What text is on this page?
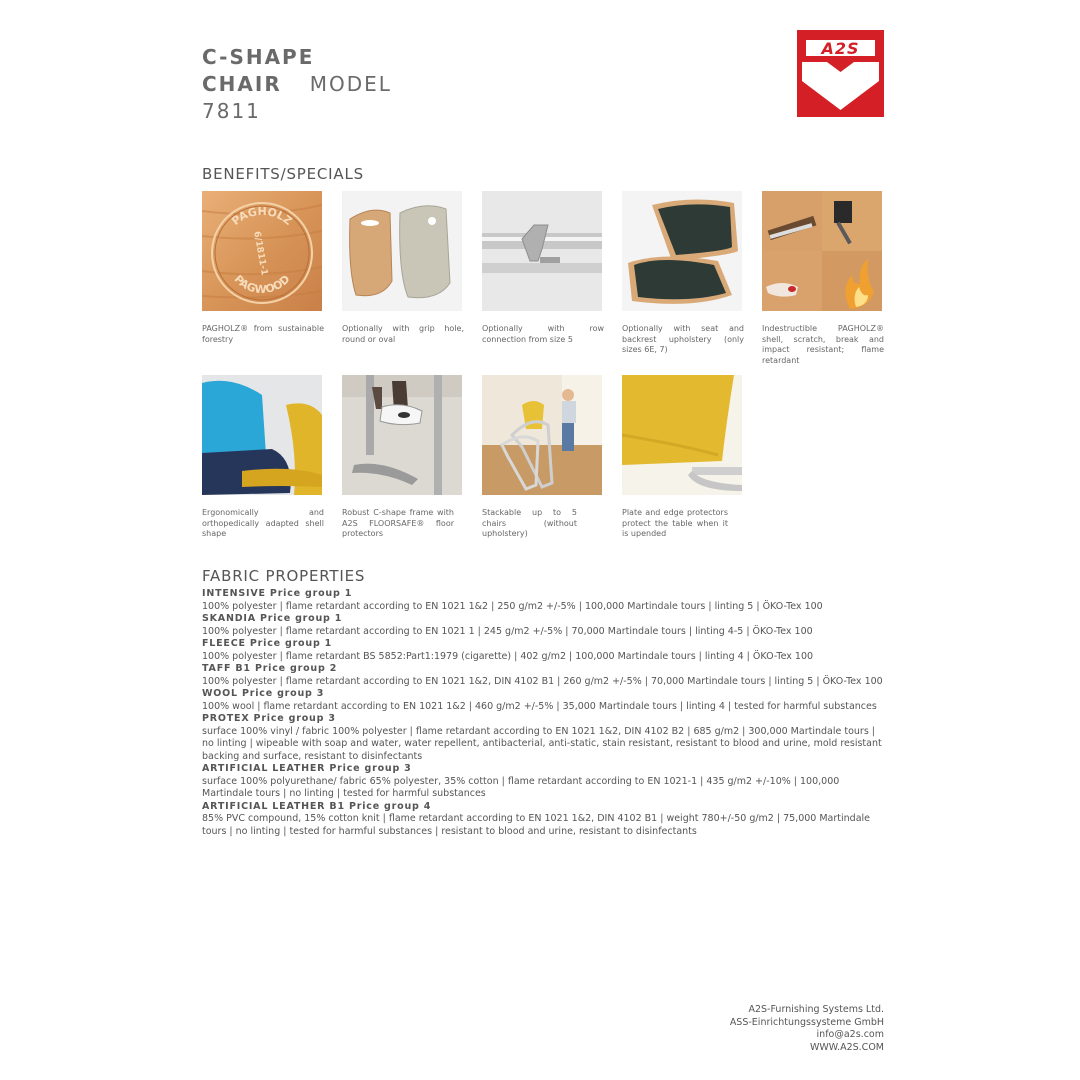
C-SHAPE
CHAIR MODEL
7811
A2S
BENEFITS/SPECIALS
PAGHOLZ
PAGWOOD
6/1811-1
PAGHOLZ® from sustainable forestry
Optionally with grip hole, round or oval
Optionally with row connection from size 5
Optionally with seat and backrest upholstery (only sizes 6E, 7)
Indestructible PAGHOLZ® shell, scratch, break and impact resistant; flame retardant
Ergonomically and orthopedically adapted shell shape
Robust C-shape frame with A2S FLOORSAFE® floor protectors
Stackable up to 5 chairs (without upholstery)
Plate and edge protectors protect the table when it is upended
FABRIC PROPERTIES
INTENSIVE Price group 1
100% polyester | flame retardant according to EN 1021 1&2 | 250 g/m2 +/-5% | 100,000 Martindale tours | linting 5 | ÖKO-Tex 100
SKANDIA Price group 1
100% polyester | flame retardant according to EN 1021 1 | 245 g/m2 +/-5% | 70,000 Martindale tours | linting 4-5 | ÖKO-Tex 100
FLEECE Price group 1
100% polyester | flame retardant BS 5852:Part1:1979 (cigarette) | 402 g/m2 | 100,000 Martindale tours | linting 4 | ÖKO-Tex 100
TAFF B1 Price group 2
100% polyester | flame retardant according to EN 1021 1&2, DIN 4102 B1 | 260 g/m2 +/-5% | 70,000 Martindale tours | linting 5 | ÖKO-Tex 100
WOOL Price group 3
100% wool | flame retardant according to EN 1021 1&2 | 460 g/m2 +/-5% | 35,000 Martindale tours | linting 4 | tested for harmful substances
PROTEX Price group 3
surface 100% vinyl / fabric 100% polyester | flame retardant according to EN 1021 1&2, DIN 4102 B2 | 685 g/m2 | 300,000 Martindale tours | no linting | wipeable with soap and water, water repellent, antibacterial, anti-static, stain resistant, resistant to blood and urine, mold resistant backing and surface, resistant to disinfectants
ARTIFICIAL LEATHER Price group 3
surface 100% polyurethane/ fabric 65% polyester, 35% cotton | flame retardant according to EN 1021-1 | 435 g/m2 +/-10% | 100,000 Martindale tours | no linting | tested for harmful substances
ARTIFICIAL LEATHER B1 Price group 4
85% PVC compound, 15% cotton knit | flame retardant according to EN 1021 1&2, DIN 4102 B1 | weight 780+/-50 g/m2 | 75,000 Martindale tours | no linting | tested for harmful substances | resistant to blood and urine, resistant to disinfectants
A2S-Furnishing Systems Ltd.
ASS-Einrichtungssysteme GmbH
info@a2s.com
WWW.A2S.COM
